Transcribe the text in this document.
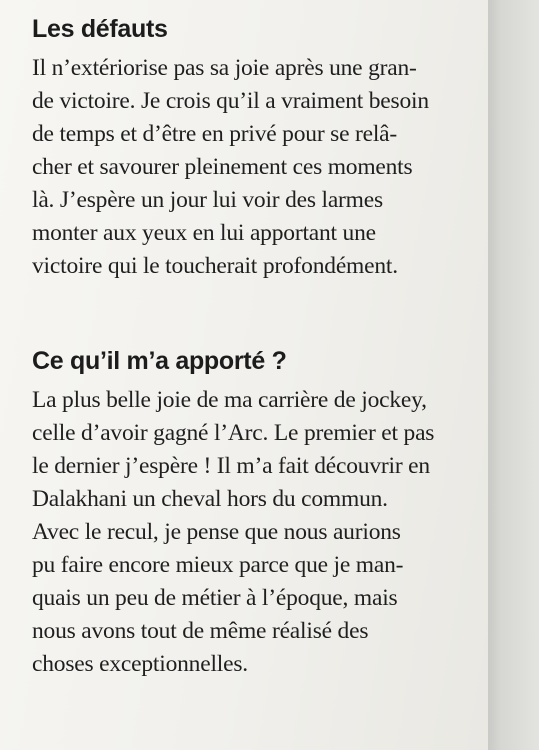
Les défauts
Il n’extériorise pas sa joie après une gran-
de victoire. Je crois qu’il a vraiment besoin
de temps et d’être en privé pour se relâ-
cher et savourer pleinement ces moments
là. J’espère un jour lui voir des larmes
monter aux yeux en lui apportant une
victoire qui le toucherait profondément.
Ce qu’il m’a apporté ?
La plus belle joie de ma carrière de jockey,
celle d’avoir gagné l’Arc. Le premier et pas
le dernier j’espère ! Il m’a fait découvrir en
Dalakhani un cheval hors du commun.
Avec le recul, je pense que nous aurions
pu faire encore mieux parce que je man-
quais un peu de métier à l’époque, mais
nous avons tout de même réalisé des
choses exceptionnelles.
